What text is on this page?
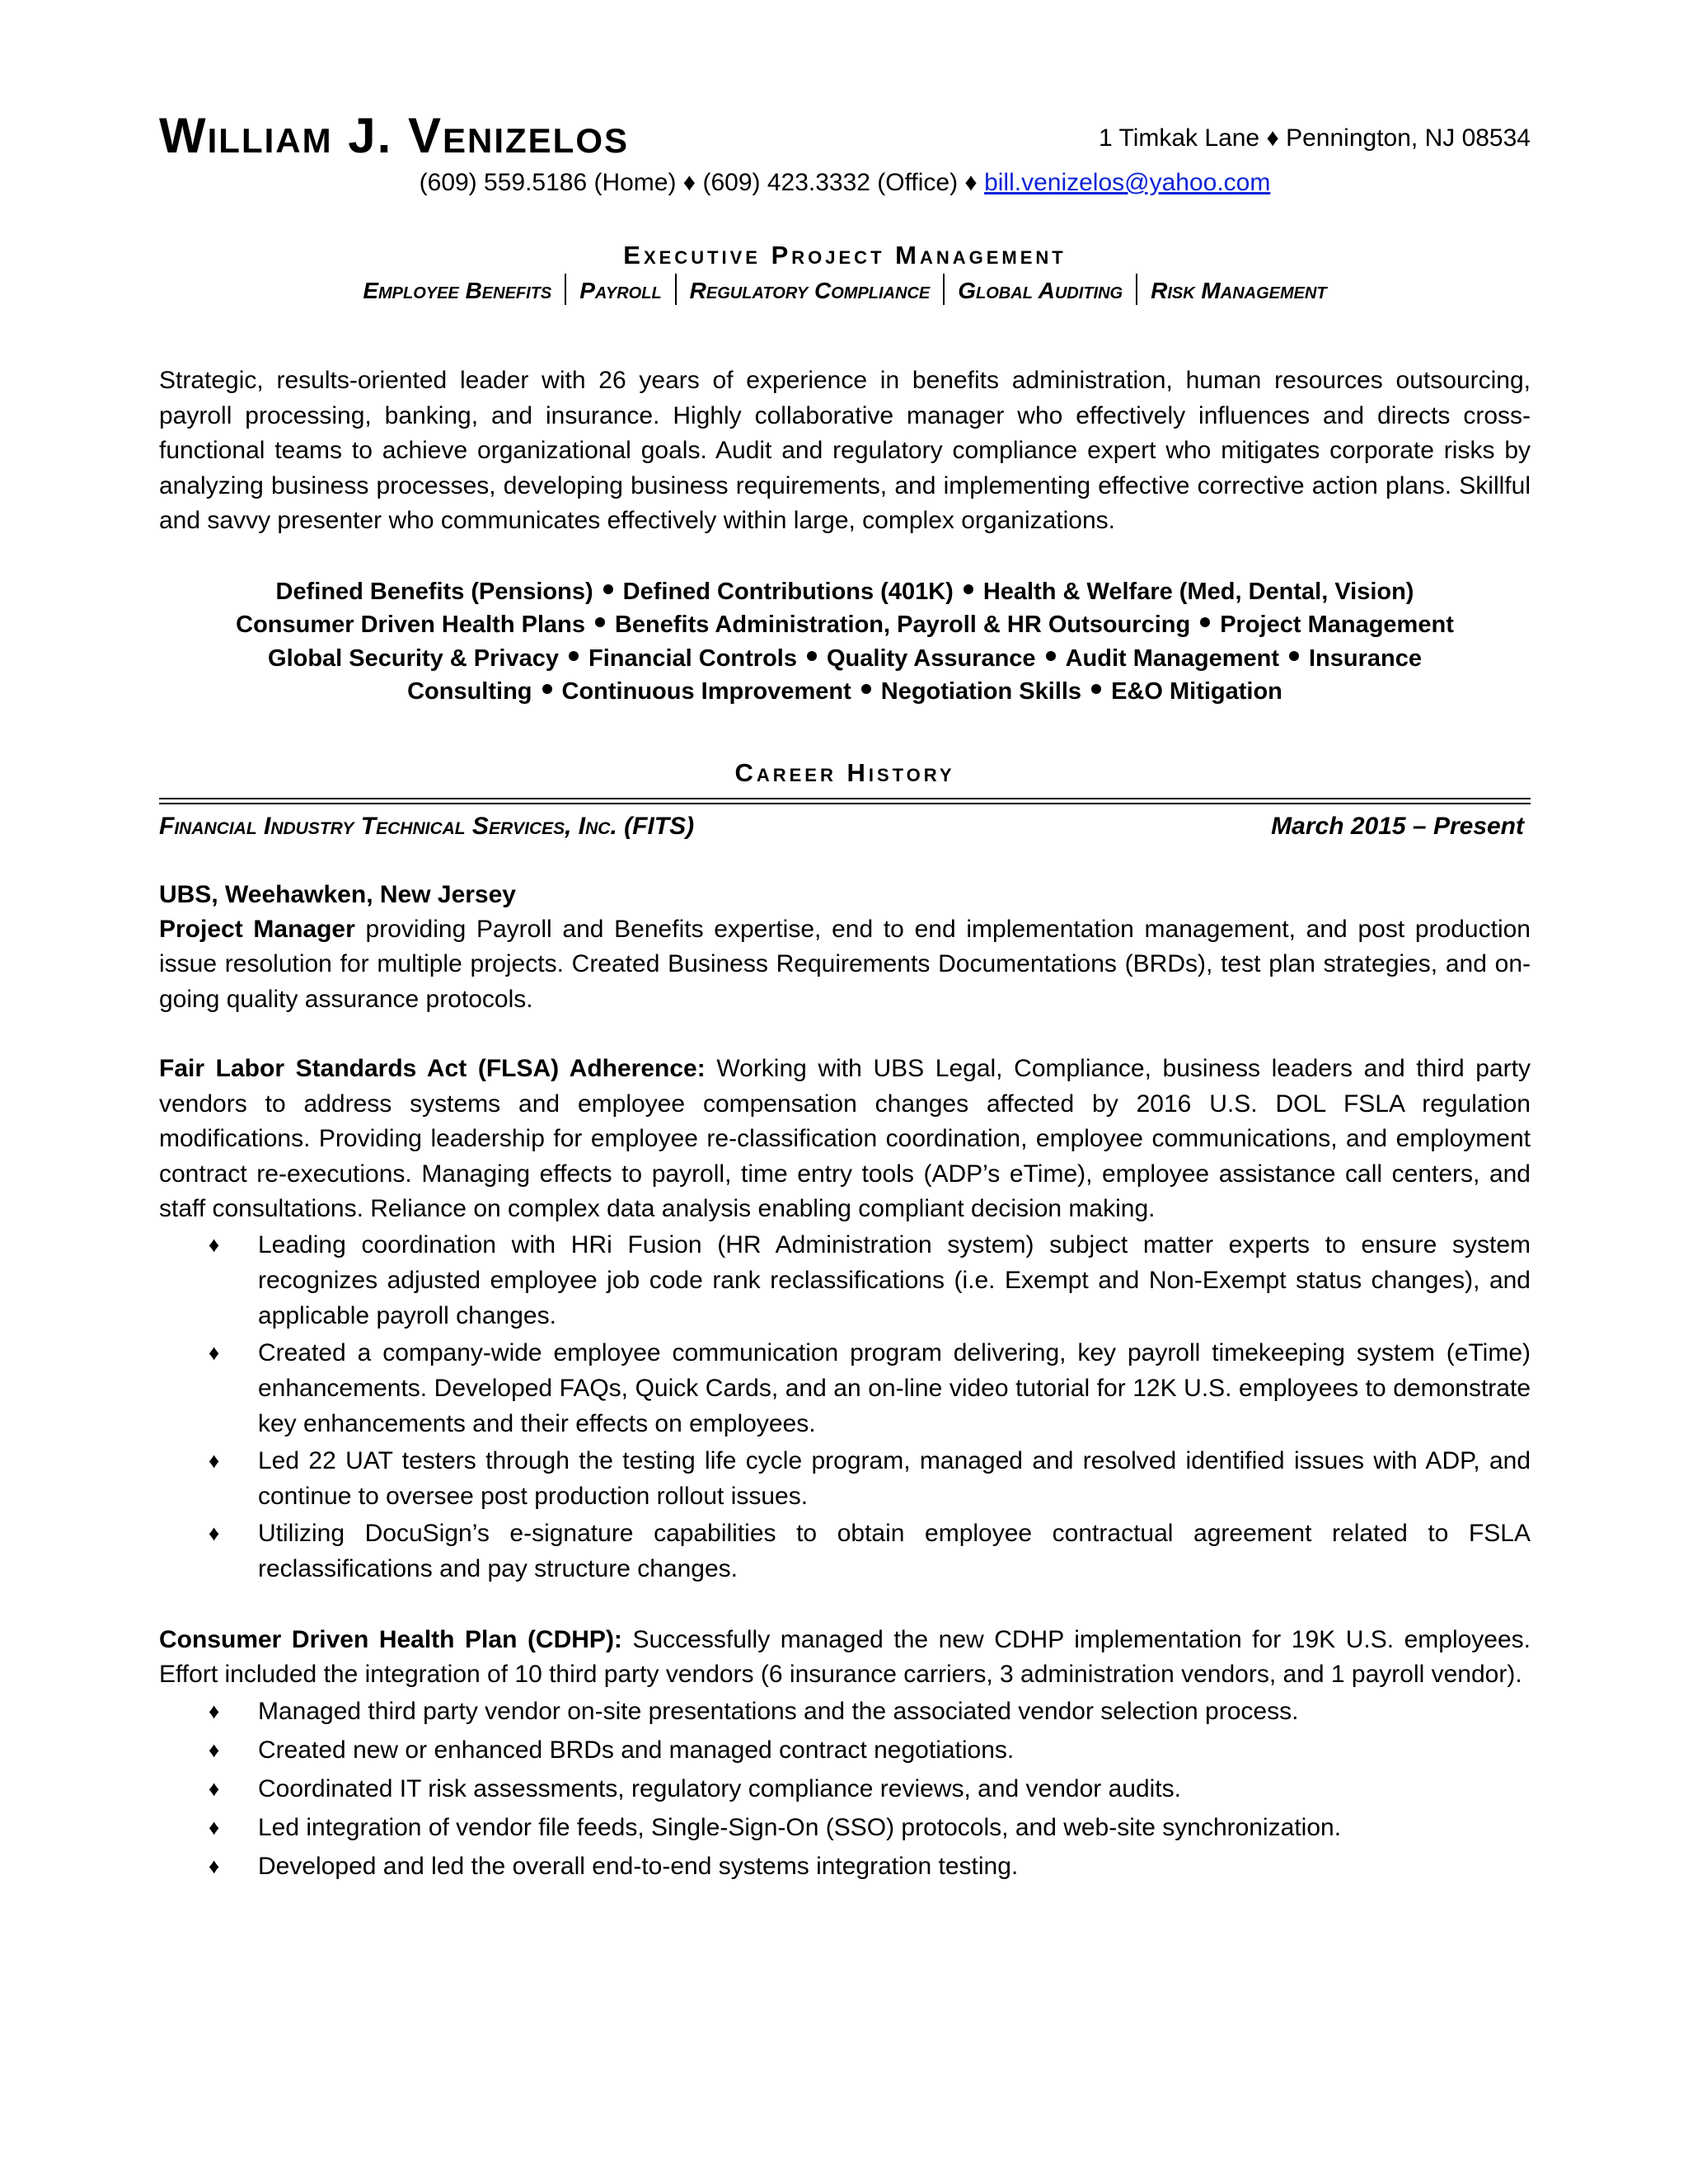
William J. Venizelos	1 Timkak Lane ♦ Pennington, NJ 08534
(609) 559.5186 (Home) ♦ (609) 423.3332 (Office) ♦ bill.venizelos@yahoo.com
Executive Project Management
Employee Benefits Payroll Regulatory Compliance Global Auditing Risk Management
Strategic, results-oriented leader with 26 years of experience in benefits administration, human resources outsourcing, payroll processing, banking, and insurance. Highly collaborative manager who effectively influences and directs cross-functional teams to achieve organizational goals. Audit and regulatory compliance expert who mitigates corporate risks by analyzing business processes, developing business requirements, and implementing effective corrective action plans. Skillful and savvy presenter who communicates effectively within large, complex organizations.
Defined Benefits (Pensions) Defined Contributions (401K) Health & Welfare (Med, Dental, Vision)
Consumer Driven Health Plans Benefits Administration, Payroll & HR Outsourcing Project Management
Global Security & Privacy Financial Controls Quality Assurance Audit Management Insurance
Consulting Continuous Improvement Negotiation Skills E&O Mitigation
Career History
Financial Industry Technical Services, Inc. (FITS)	March 2015 – Present
UBS, Weehawken, New Jersey
Project Manager providing Payroll and Benefits expertise, end to end implementation management, and post production issue resolution for multiple projects. Created Business Requirements Documentations (BRDs), test plan strategies, and on-going quality assurance protocols.
Fair Labor Standards Act (FLSA) Adherence: Working with UBS Legal, Compliance, business leaders and third party vendors to address systems and employee compensation changes affected by 2016 U.S. DOL FSLA regulation modifications. Providing leadership for employee re-classification coordination, employee communications, and employment contract re-executions. Managing effects to payroll, time entry tools (ADP’s eTime), employee assistance call centers, and staff consultations. Reliance on complex data analysis enabling compliant decision making.
♦ Leading coordination with HRi Fusion (HR Administration system) subject matter experts to ensure system recognizes adjusted employee job code rank reclassifications (i.e. Exempt and Non-Exempt status changes), and applicable payroll changes.
♦ Created a company-wide employee communication program delivering, key payroll timekeeping system (eTime) enhancements. Developed FAQs, Quick Cards, and an on-line video tutorial for 12K U.S. employees to demonstrate key enhancements and their effects on employees.
♦ Led 22 UAT testers through the testing life cycle program, managed and resolved identified issues with ADP, and continue to oversee post production rollout issues.
♦ Utilizing DocuSign’s e-signature capabilities to obtain employee contractual agreement related to FSLA reclassifications and pay structure changes.
Consumer Driven Health Plan (CDHP): Successfully managed the new CDHP implementation for 19K U.S. employees. Effort included the integration of 10 third party vendors (6 insurance carriers, 3 administration vendors, and 1 payroll vendor).
♦ Managed third party vendor on-site presentations and the associated vendor selection process.
♦ Created new or enhanced BRDs and managed contract negotiations.
♦ Coordinated IT risk assessments, regulatory compliance reviews, and vendor audits.
♦ Led integration of vendor file feeds, Single-Sign-On (SSO) protocols, and web-site synchronization.
♦ Developed and led the overall end-to-end systems integration testing.
